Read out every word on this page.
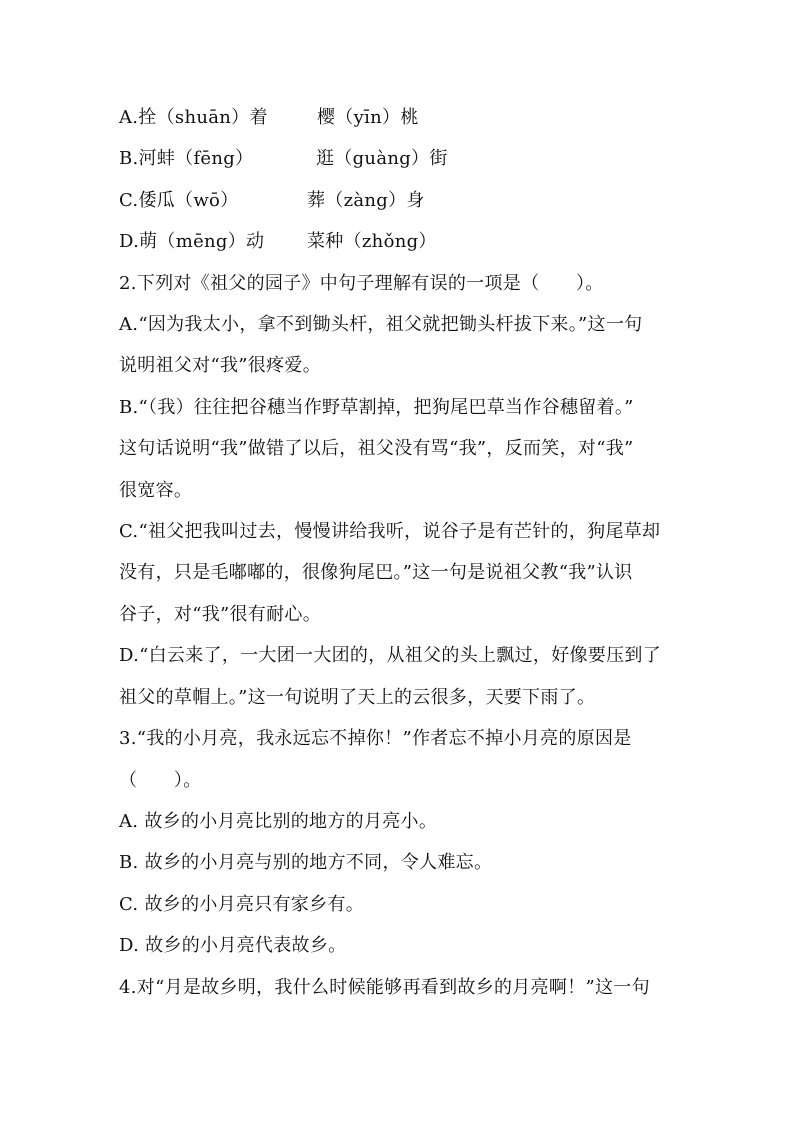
A.拴（shuān）着	樱（yīn）桃
B.河蚌（fēng）	逛（guàng）街
C.倭瓜（wō）	葬（zàng）身
D.萌（mēng）动 菜种（zhǒng）
2.下列对《祖父的园子》中句子理解有误的一项是（　　）。
A.“因为我太小，拿不到锄头杆，祖父就把锄头杆拔下来。”这一句
说明祖父对“我”很疼爱。
B.“（我）往往把谷穗当作野草割掉，把狗尾巴草当作谷穗留着。”
这句话说明“我”做错了以后，祖父没有骂“我”，反而笑，对“我”
很宽容。
C.“祖父把我叫过去，慢慢讲给我听，说谷子是有芒针的，狗尾草却
没有，只是毛嘟嘟的，很像狗尾巴。”这一句是说祖父教“我”认识
谷子，对“我”很有耐心。
D.“白云来了，一大团一大团的，从祖父的头上飘过，好像要压到了
祖父的草帽上。”这一句说明了天上的云很多，天要下雨了。
3.“我的小月亮，我永远忘不掉你！”作者忘不掉小月亮的原因是
（　　）。
A. 故乡的小月亮比别的地方的月亮小。
B. 故乡的小月亮与别的地方不同，令人难忘。
C. 故乡的小月亮只有家乡有。
D. 故乡的小月亮代表故乡。
4.对“月是故乡明，我什么时候能够再看到故乡的月亮啊！”这一句
